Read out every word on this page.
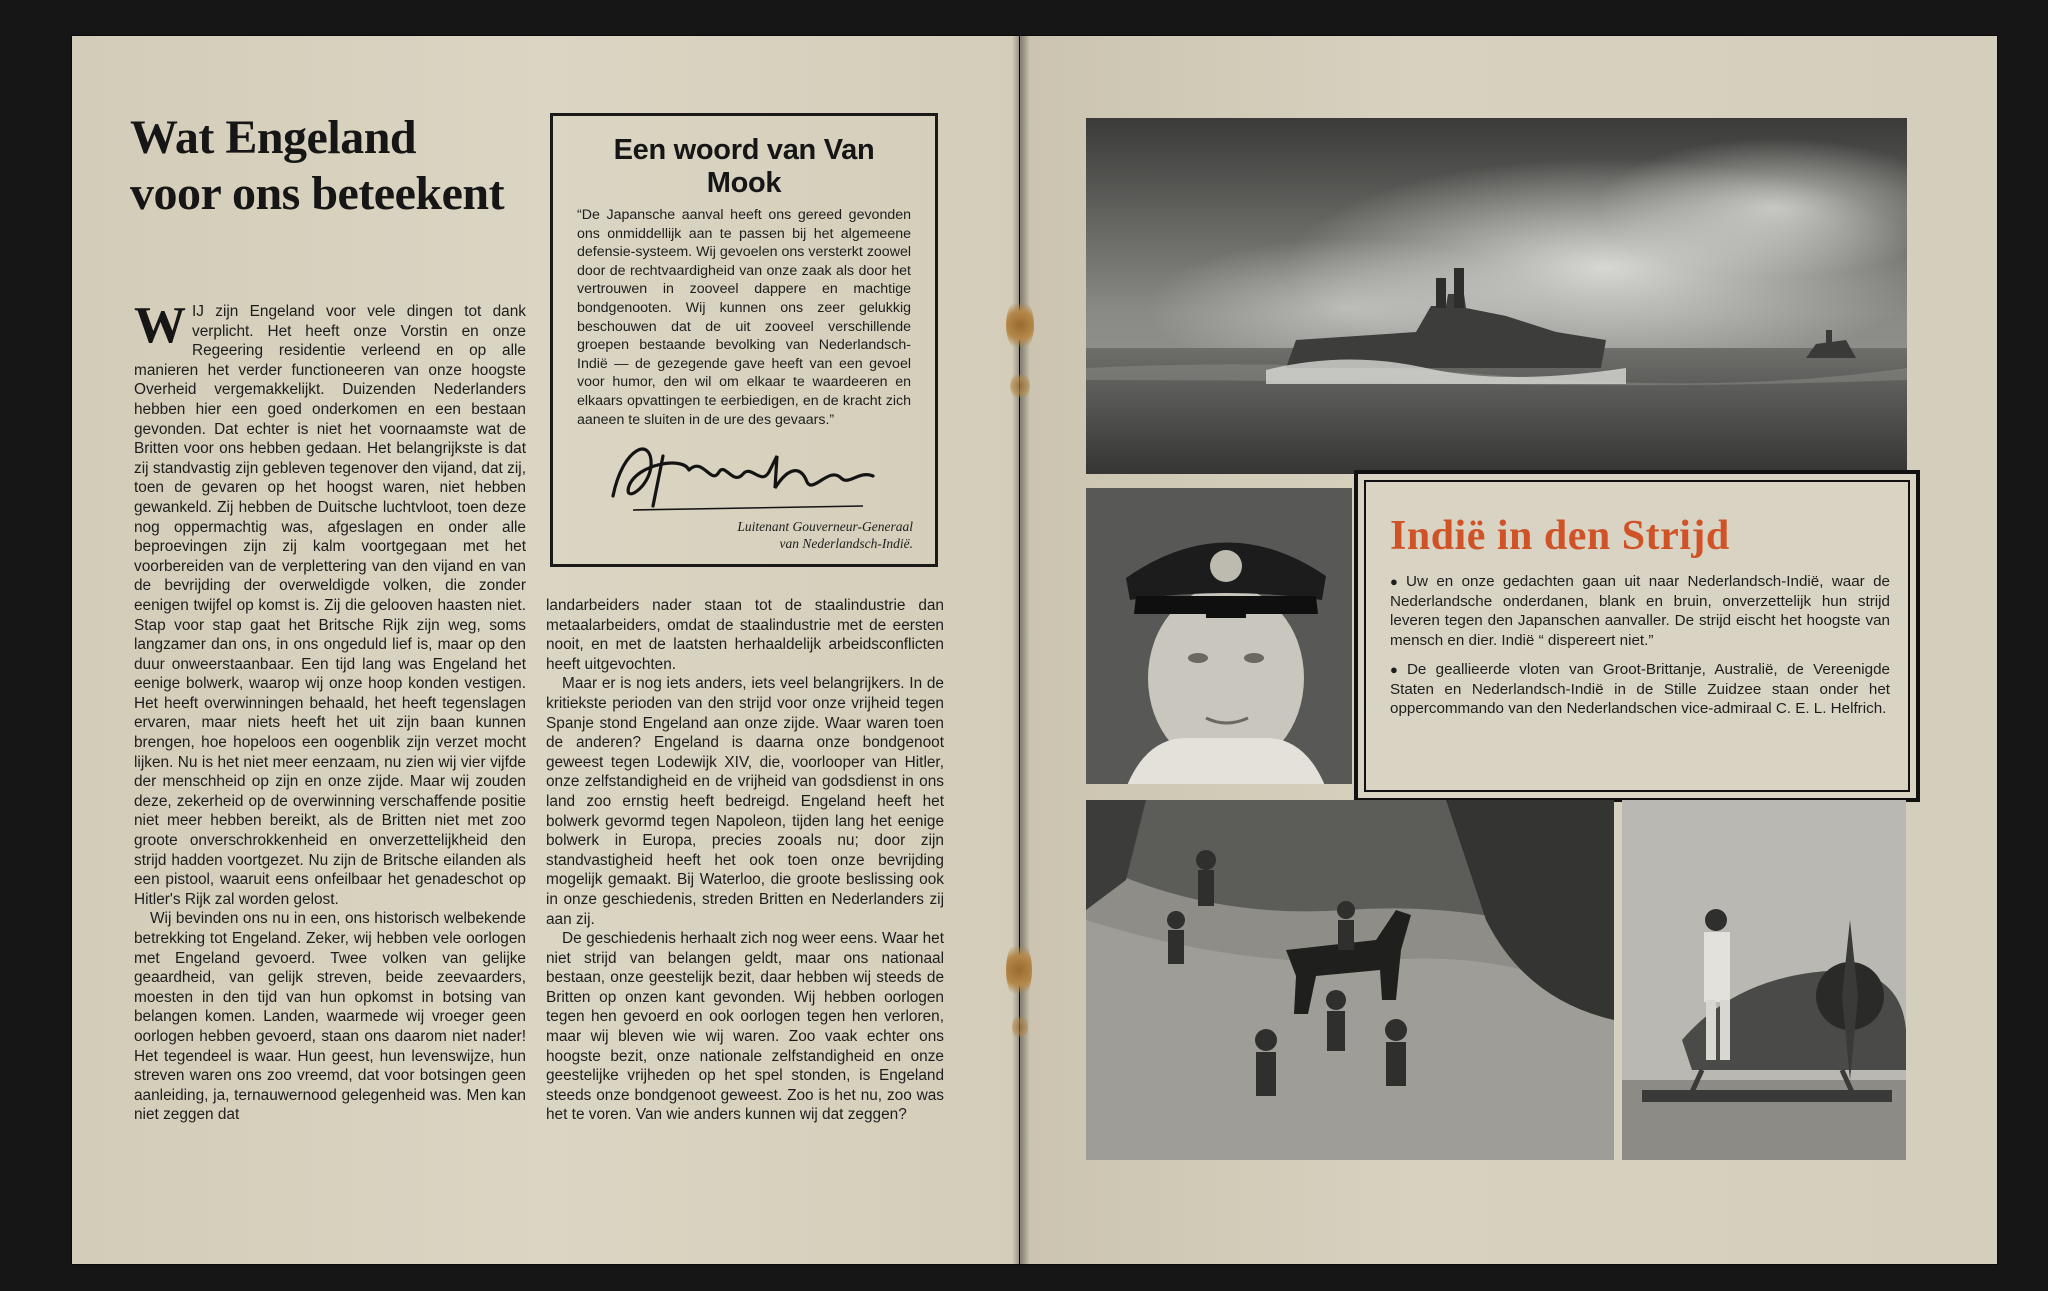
Wat Engeland voor ons beteekent
W IJ zijn Engeland voor vele dingen tot dank verplicht. Het heeft onze Vorstin en onze Regeering residentie verleend en op alle manieren het verder functioneeren van onze hoogste Overheid vergemakkelijkt. Duizenden Nederlanders hebben hier een goed onderkomen en een bestaan gevonden. Dat echter is niet het voornaamste wat de Britten voor ons hebben gedaan. Het belangrijkste is dat zij standvastig zijn gebleven tegenover den vijand, dat zij, toen de gevaren op het hoogst waren, niet hebben gewankeld. Zij hebben de Duitsche luchtvloot, toen deze nog oppermachtig was, afgeslagen en onder alle beproevingen zijn zij kalm voortgegaan met het voorbereiden van de verplettering van den vijand en van de bevrijding der overweldigde volken, die zonder eenigen twijfel op komst is. Zij die gelooven haasten niet. Stap voor stap gaat het Britsche Rijk zijn weg, soms langzamer dan ons, in ons ongeduld lief is, maar op den duur onweerstaanbaar. Een tijd lang was Engeland het eenige bolwerk, waarop wij onze hoop konden vestigen. Het heeft overwinningen behaald, het heeft tegenslagen ervaren, maar niets heeft het uit zijn baan kunnen brengen, hoe hopeloos een oogenblik zijn verzet mocht lijken. Nu is het niet meer eenzaam, nu zien wij vier vijfde der menschheid op zijn en onze zijde. Maar wij zouden deze, zekerheid op de overwinning verschaffende positie niet meer hebben bereikt, als de Britten niet met zoo groote onverschrokkenheid en onverzettelijkheid den strijd hadden voortgezet. Nu zijn de Britsche eilanden als een pistool, waaruit eens onfeilbaar het genadeschot op Hitler's Rijk zal worden gelost.

Wij bevinden ons nu in een, ons historisch welbekende betrekking tot Engeland. Zeker, wij hebben vele oorlogen met Engeland gevoerd. Twee volken van gelijke geaardheid, van gelijk streven, beide zeevaarders, moesten in den tijd van hun opkomst in botsing van belangen komen. Landen, waarmede wij vroeger geen oorlogen hebben gevoerd, staan ons daarom niet nader! Het tegendeel is waar. Hun geest, hun levenswijze, hun streven waren ons zoo vreemd, dat voor botsingen geen aanleiding, ja, ternauwernood gelegenheid was. Men kan niet zeggen dat

Een woord van Van Mook

“De Japansche aanval heeft ons gereed gevonden ons onmiddellijk aan te passen bij het algemeene defensie-systeem. Wij gevoelen ons versterkt zoowel door de rechtvaardigheid van onze zaak als door het vertrouwen in zooveel dappere en machtige bondgenooten. Wij kunnen ons zeer gelukkig beschouwen dat de uit zooveel verschillende groepen bestaande bevolking van Nederlandsch-Indië — de gezegende gave heeft van een gevoel voor humor, den wil om elkaar te waardeeren en elkaars opvattingen te eerbiedigen, en de kracht zich aaneen te sluiten in de ure des gevaars.”

Luitenant Gouverneur-Generaal
van Nederlandsch-Indië.

landarbeiders nader staan tot de staalindustrie dan metaalarbeiders, omdat de staalindustrie met de eersten nooit, en met de laatsten herhaaldelijk arbeidsconflicten heeft uitgevochten.

Maar er is nog iets anders, iets veel belangrijkers. In de kritiekste perioden van den strijd voor onze vrijheid tegen Spanje stond Engeland aan onze zijde. Waar waren toen de anderen? Engeland is daarna onze bondgenoot geweest tegen Lodewijk XIV, die, voorlooper van Hitler, onze zelfstandigheid en de vrijheid van godsdienst in ons land zoo ernstig heeft bedreigd. Engeland heeft het bolwerk gevormd tegen Napoleon, tijden lang het eenige bolwerk in Europa, precies zooals nu; door zijn standvastigheid heeft het ook toen onze bevrijding mogelijk gemaakt. Bij Waterloo, die groote beslissing ook in onze geschiedenis, streden Britten en Nederlanders zij aan zij.

De geschiedenis herhaalt zich nog weer eens. Waar het niet strijd van belangen geldt, maar ons nationaal bestaan, onze geestelijk bezit, daar hebben wij steeds de Britten op onzen kant gevonden. Wij hebben oorlogen tegen hen gevoerd en ook oorlogen tegen hen verloren, maar wij bleven wie wij waren. Zoo vaak echter ons hoogste bezit, onze nationale zelfstandigheid en onze geestelijke vrijheden op het spel stonden, is Engeland steeds onze bondgenoot geweest. Zoo is het nu, zoo was het te voren. Van wie anders kunnen wij dat zeggen?

Indië in den Strijd
● Uw en onze gedachten gaan uit naar Nederlandsch-Indië, waar de Nederlandsche onderdanen, blank en bruin, onverzettelijk hun strijd leveren tegen den Japanschen aanvaller. De strijd eischt het hoogste van mensch en dier. Indië “ dispereert niet.”
● De geallieerde vloten van Groot-Brittanje, Australië, de Vereenigde Staten en Nederlandsch-Indië in de Stille Zuidzee staan onder het oppercommando van den Nederlandschen vice-admiraal C. E. L. Helfrich.
